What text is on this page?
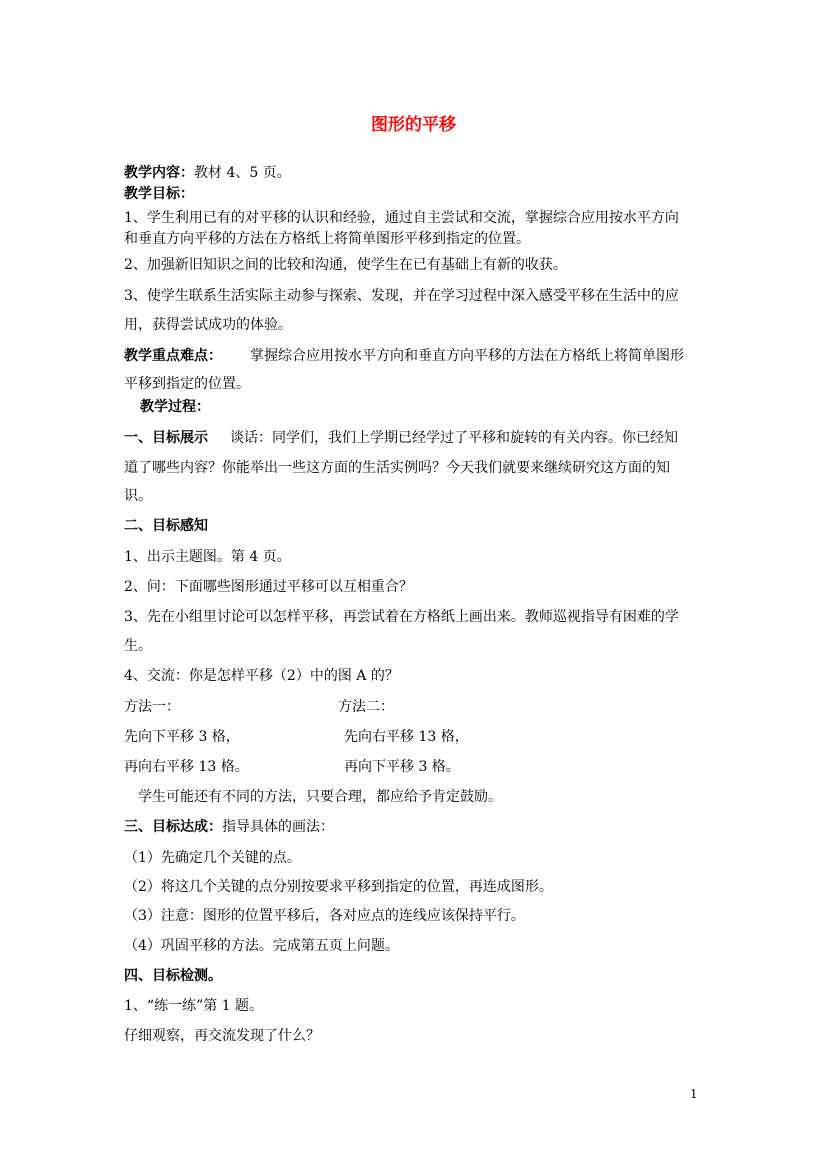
图形的平移
教学内容：教材 4、5 页。
教学目标：
1、学生利用已有的对平移的认识和经验，通过自主尝试和交流，掌握综合应用按水平方向
和垂直方向平移的方法在方格纸上将简单图形平移到指定的位置。
2、加强新旧知识之间的比较和沟通，使学生在已有基础上有新的收获。
3、使学生联系生活实际主动参与探索、发现，并在学习过程中深入感受平移在生活中的应
用，获得尝试成功的体验。
教学重点难点： 掌握综合应用按水平方向和垂直方向平移的方法在方格纸上将简单图形
平移到指定的位置。
教学过程：
一、目标展示 谈话：同学们，我们上学期已经学过了平移和旋转的有关内容。你已经知
道了哪些内容？你能举出一些这方面的生活实例吗？今天我们就要来继续研究这方面的知
识。
二、目标感知
1、出示主题图。第 4 页。
2、问：下面哪些图形通过平移可以互相重合？
3、先在小组里讨论可以怎样平移，再尝试着在方格纸上画出来。教师巡视指导有困难的学
生。
4、交流：你是怎样平移（2）中的图 A 的？
方法一：	方法二：
先向下平移 3 格，	先向右平移 13 格，
再向右平移 13 格。	再向下平移 3 格。
学生可能还有不同的方法，只要合理，都应给予肯定鼓励。
三、目标达成：指导具体的画法：
（1）先确定几个关键的点。
（2）将这几个关键的点分别按要求平移到指定的位置，再连成图形。
（3）注意：图形的位置平移后，各对应点的连线应该保持平行。
（4）巩固平移的方法。完成第五页上问题。
四、目标检测。
1、“练一练”第 1 题。
仔细观察，再交流发现了什么？
1
